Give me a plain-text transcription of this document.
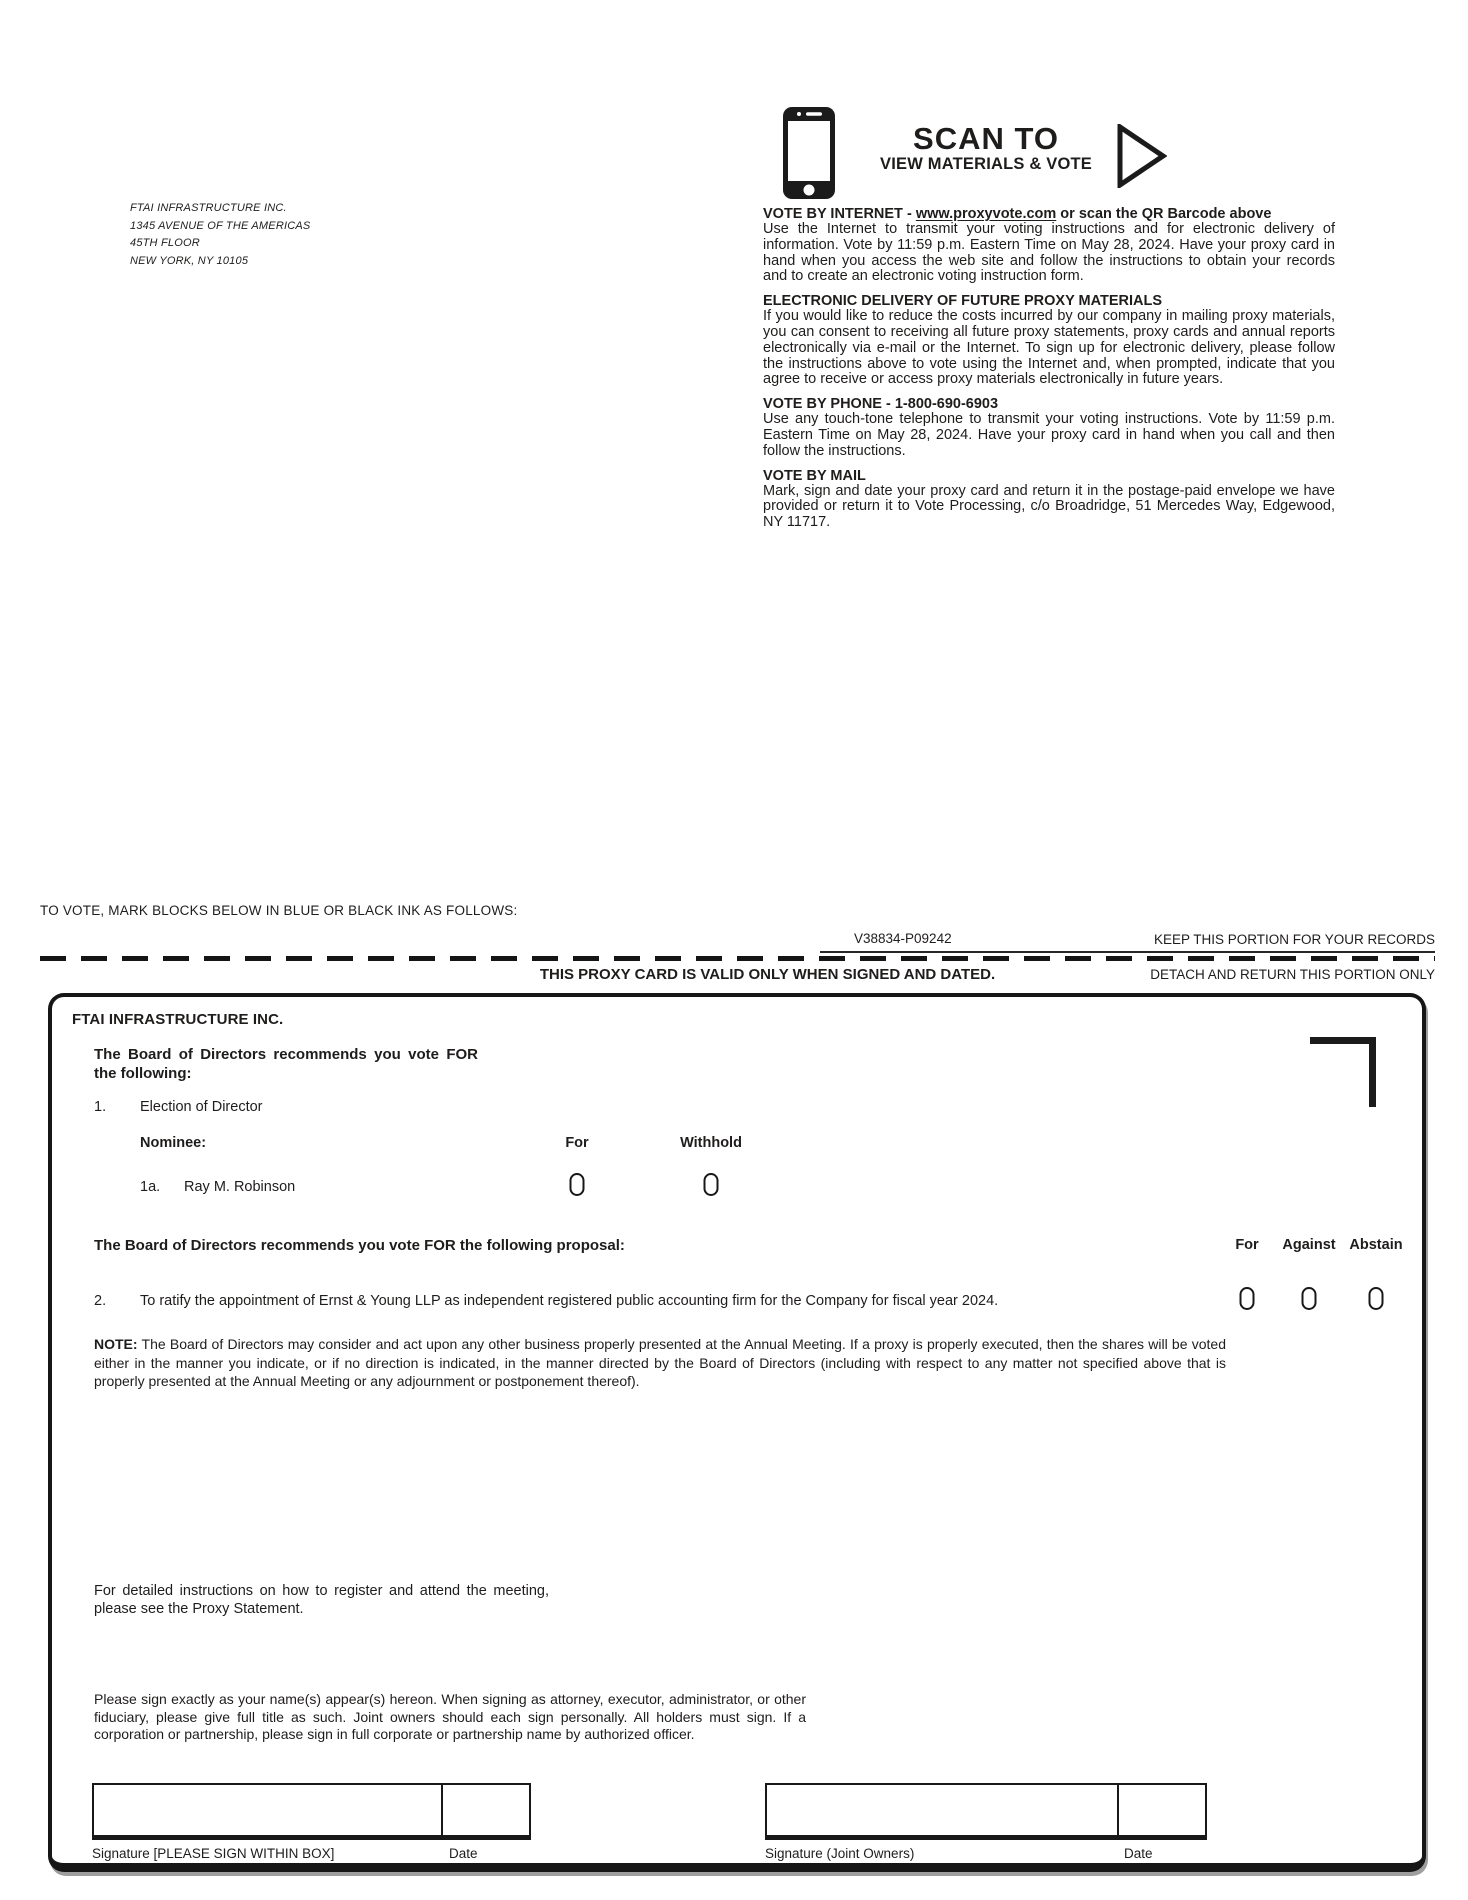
FTAI INFRASTRUCTURE INC.
1345 AVENUE OF THE AMERICAS
45TH FLOOR
NEW YORK, NY 10105
SCAN TO
VIEW MATERIALS & VOTE
VOTE BY INTERNET - www.proxyvote.com or scan the QR Barcode above

Use the Internet to transmit your voting instructions and for electronic delivery of information. Vote by 11:59 p.m. Eastern Time on May 28, 2024. Have your proxy card in hand when you access the web site and follow the instructions to obtain your records and to create an electronic voting instruction form.

ELECTRONIC DELIVERY OF FUTURE PROXY MATERIALS

If you would like to reduce the costs incurred by our company in mailing proxy materials, you can consent to receiving all future proxy statements, proxy cards and annual reports electronically via e-mail or the Internet. To sign up for electronic delivery, please follow the instructions above to vote using the Internet and, when prompted, indicate that you agree to receive or access proxy materials electronically in future years.

VOTE BY PHONE - 1-800-690-6903

Use any touch-tone telephone to transmit your voting instructions. Vote by 11:59 p.m. Eastern Time on May 28, 2024. Have your proxy card in hand when you call and then follow the instructions.

VOTE BY MAIL

Mark, sign and date your proxy card and return it in the postage-paid envelope we have provided or return it to Vote Processing, c/o Broadridge, 51 Mercedes Way, Edgewood, NY 11717.

TO VOTE, MARK BLOCKS BELOW IN BLUE OR BLACK INK AS FOLLOWS:
V38834-P09242	KEEP THIS PORTION FOR YOUR RECORDS
THIS PROXY CARD IS VALID ONLY WHEN SIGNED AND DATED.	DETACH AND RETURN THIS PORTION ONLY
FTAI INFRASTRUCTURE INC.
The Board of Directors recommends you vote FOR the following:
1. Election of Director
Nominee:	For	Withhold
1a. Ray M. Robinson
The Board of Directors recommends you vote FOR the following proposal:	For Against Abstain
2. To ratify the appointment of Ernst & Young LLP as independent registered public accounting firm for the Company for fiscal year 2024.
NOTE: The Board of Directors may consider and act upon any other business properly presented at the Annual Meeting. If a proxy is properly executed, then the shares will be voted either in the manner you indicate, or if no direction is indicated, in the manner directed by the Board of Directors (including with respect to any matter not specified above that is properly presented at the Annual Meeting or any adjournment or postponement thereof).
For detailed instructions on how to register and attend the meeting, please see the Proxy Statement.
Please sign exactly as your name(s) appear(s) hereon. When signing as attorney, executor, administrator, or other fiduciary, please give full title as such. Joint owners should each sign personally. All holders must sign. If a corporation or partnership, please sign in full corporate or partnership name by authorized officer.
Signature [PLEASE SIGN WITHIN BOX]	Date	Signature (Joint Owners)	Date
